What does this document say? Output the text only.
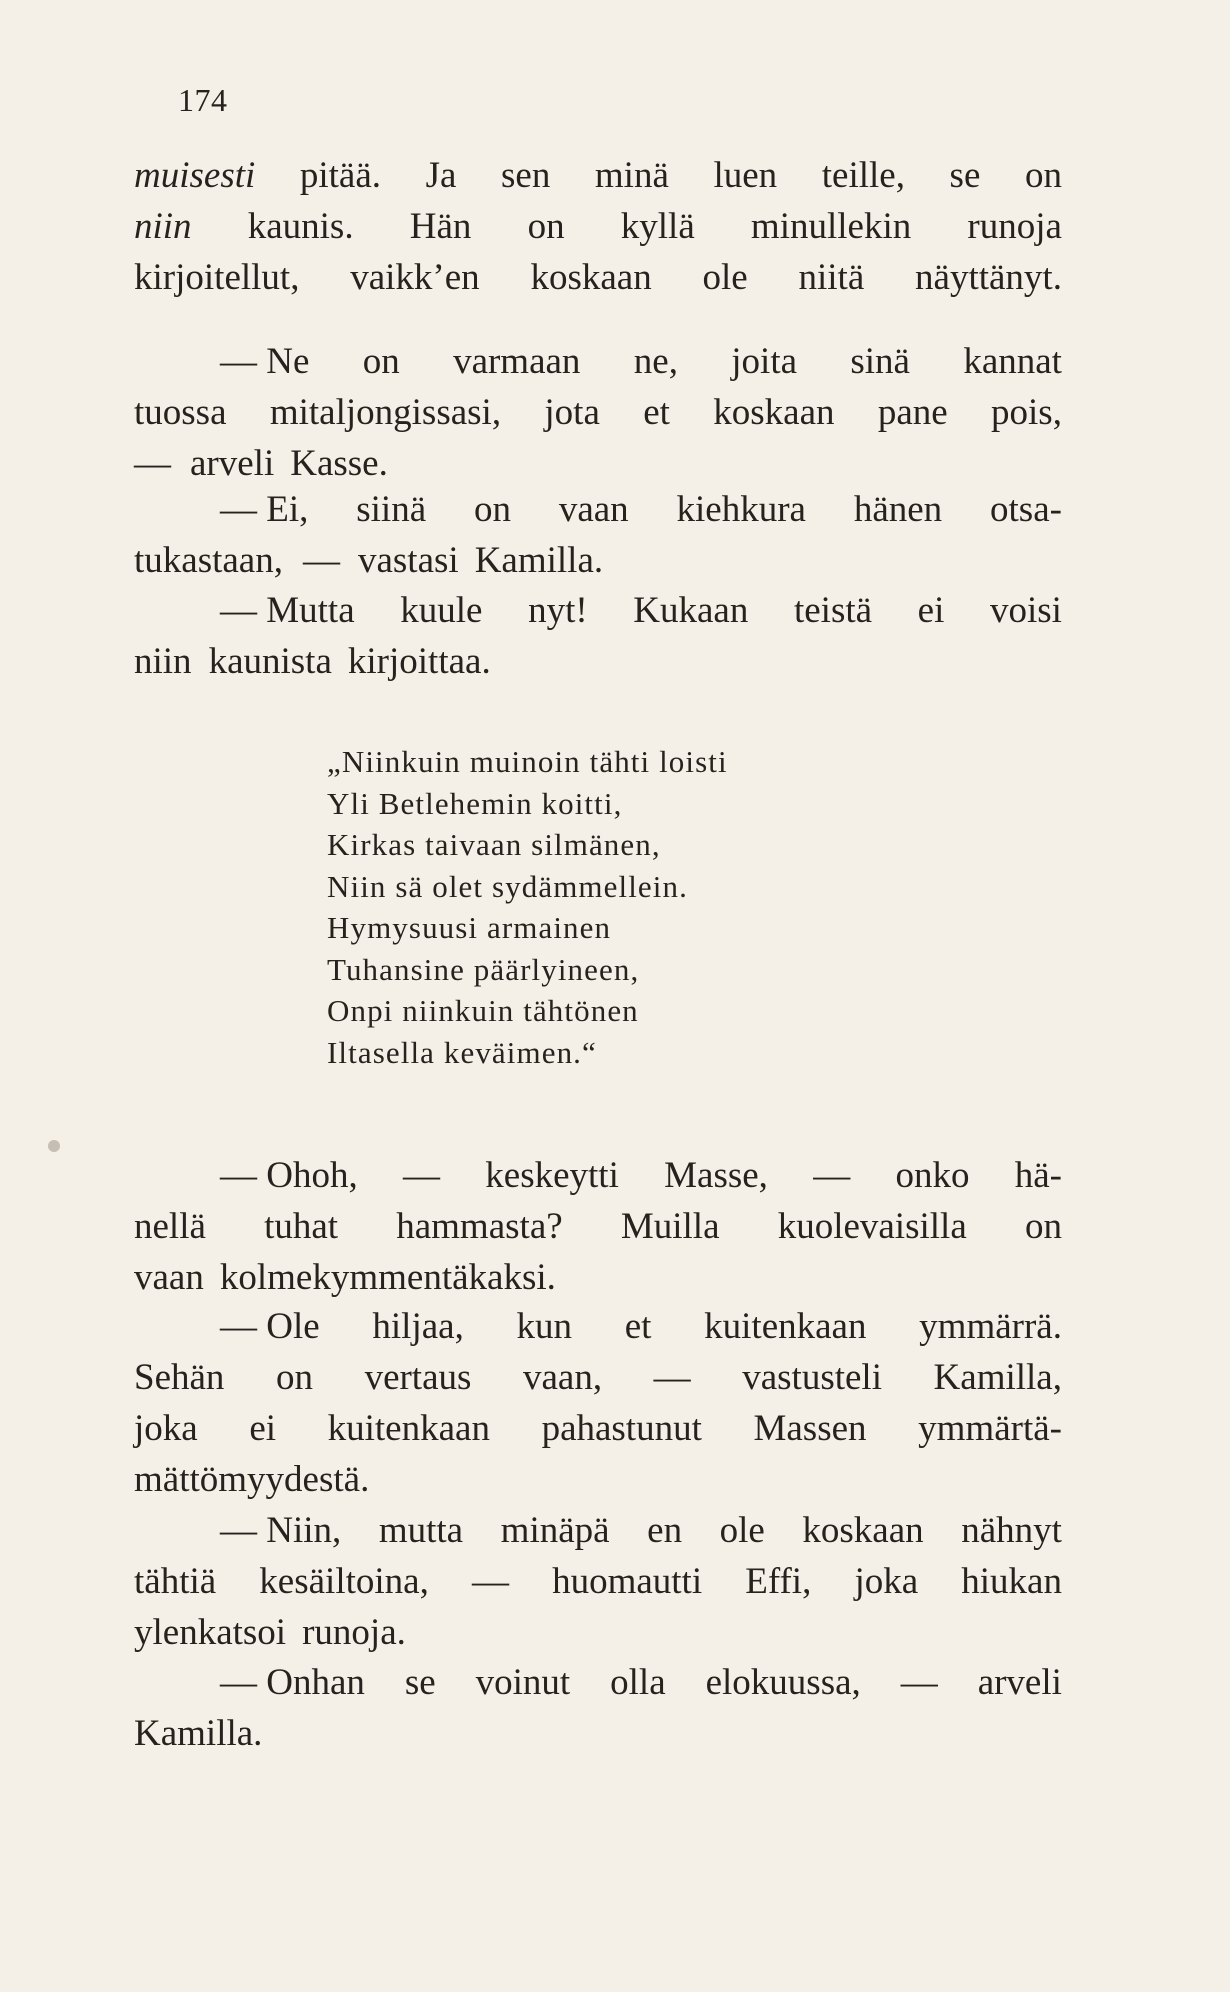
174
muisesti pitää. Ja sen minä luen teille, se on
niin kaunis. Hän on kyllä minullekin runoja
kirjoitellut, vaikk’en koskaan ole niitä näyttänyt.
— Ne on varmaan ne, joita sinä kannat
tuossa mitaljongissasi, jota et koskaan pane pois,
— arveli Kasse.
— Ei, siinä on vaan kiehkura hänen otsa-
tukastaan, — vastasi Kamilla.
— Mutta kuule nyt! Kukaan teistä ei voisi
niin kaunista kirjoittaa.
„Niinkuin muinoin tähti loisti
Yli Betlehemin koitti,
Kirkas taivaan silmänen,
Niin sä olet sydämmellein.
Hymysuusi armainen
Tuhansine päärlyineen,
Onpi niinkuin tähtönen
Iltasella keväimen.“
— Ohoh, — keskeytti Masse, — onko hä-
nellä tuhat hammasta? Muilla kuolevaisilla on
vaan kolmekymmentäkaksi.
— Ole hiljaa, kun et kuitenkaan ymmärrä.
Sehän on vertaus vaan, — vastusteli Kamilla,
joka ei kuitenkaan pahastunut Massen ymmärtä-
mättömyydestä.
— Niin, mutta minäpä en ole koskaan nähnyt
tähtiä kesäiltoina, — huomautti Effi, joka hiukan
ylenkatsoi runoja.
— Onhan se voinut olla elokuussa, — arveli
Kamilla.
